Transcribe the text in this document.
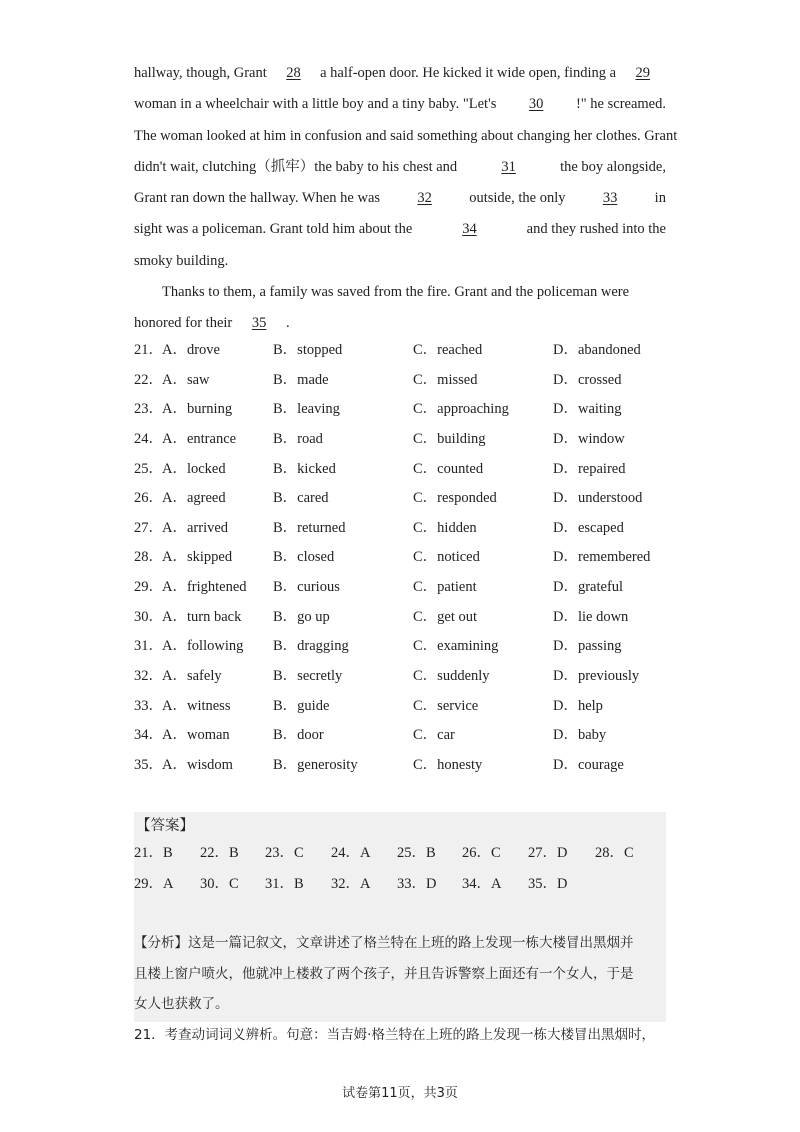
hallway, though, Grant	28	a half-open door. He kicked it wide open, finding a	29
woman in a wheelchair with a little boy and a tiny baby. "Let's	30	!" he screamed.
The woman looked at him in confusion and said something about changing her clothes. Grant
didn't wait, clutching（抓牢）the baby to his chest and	31	the boy alongside,
Grant ran down the hallway. When he was	32	outside, the only	33	in
sight was a policeman. Grant told him about the	34	and they rushed into the
smoky building.
Thanks to them, a family was saved from the fire. Grant and the policeman were
honored for their 35 .
21． A．drove	B．stopped	C．reached	D．abandoned
22． A．saw	B．made	C．missed	D．crossed
23． A．burning	B．leaving	C．approaching	D．waiting
24． A．entrance	B．road	C．building	D．window
25． A．locked	B．kicked	C．counted	D．repaired
26． A．agreed	B．cared	C．responded	D．understood
27． A．arrived	B．returned	C．hidden	D．escaped
28． A．skipped	B．closed	C．noticed	D．remembered
29． A．frightened B．curious	C．patient	D．grateful
30． A．turn back B．go up	C．get out	D．lie down
31． A．following B．dragging	C．examining	D．passing
32． A．safely	B．secretly	C．suddenly	D．previously
33． A．witness	B．guide	C．service	D．help
34． A．woman	B．door	C．car	D．baby
35． A．wisdom	B．generosity	C．honesty	D．courage
【答案】
21．B 22．B 23．C 24．A 25．B 26．C 27．D 28．C
29．A 30．C 31．B 32．A 33．D 34．A 35．D
【分析】这是一篇记叙文，文章讲述了格兰特在上班的路上发现一栋大楼冒出黑烟并
且楼上窗户喷火，他就冲上楼救了两个孩子，并且告诉警察上面还有一个女人，于是
女人也获救了。
21．考查动词词义辨析。句意：当吉姆·格兰特在上班的路上发现一栋大楼冒出黑烟时，
试卷第11页，共3页
